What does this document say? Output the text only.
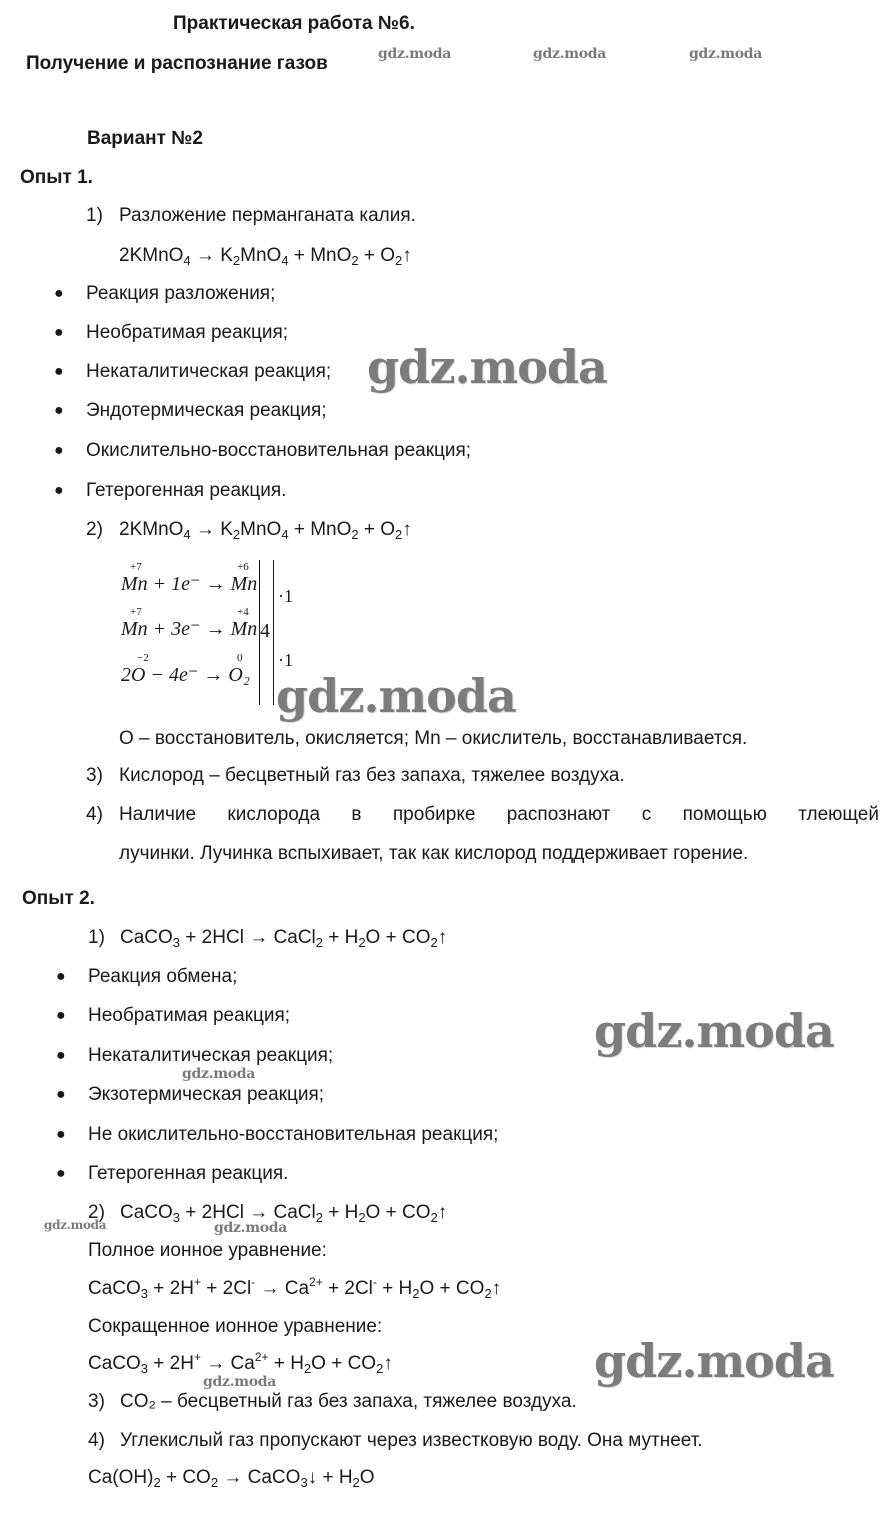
Практическая работа №6.
Получение и распознание газов
Вариант №2
Опыт 1.
1) Разложение перманганата калия.
2KMnO$_4$ → $K_2MnO_4 + MnO_2$ + $O_2↑$
● Реакция разложения;
● Необратимая реакция;
● Некаталитическая реакция;
● Эндотермическая реакция;
● Окислительно-восстановительная реакция;
● Гетерогенная реакция.
2) 2KMnO$_4$ → $K_2MnO_4 + MnO_2$ + $O_2↑$
+7	+6
Mn + 1e⁻ → Mn
+7	+4
Mn + 3e⁻ → Mn
−2	0
2O − 4e⁻ → O₂
4
·1
·1
O – восстановитель, окисляется; Mn – окислитель, восстанавливается.
3) Кислород – бесцветный газ без запаха, тяжелее воздуха.
4) Наличие кислорода в пробирке распознают с помощью тлеющей
лучинки. Лучинка вспыхивает, так как кислород поддерживает горение.
Опыт 2.
1) CaCO$_3$ + 2HCl → CaCl$_2$ + $H_2O$ + $CO_2↑$
● Реакция обмена;
● Необратимая реакция;
● Некаталитическая реакция;
● Экзотермическая реакция;
● Не окислительно-восстановительная реакция;
● Гетерогенная реакция.
2) CaCO$_3$ + 2HCl → CaCl$_2$ + $H_2O$ + $CO_2↑$
Полное ионное уравнение:
CaCO$_3$ + $2H^+ + 2Cl^- \to Ca^{2+} + 2Cl^- + H_2O$ + $CO_2↑$
Сокращенное ионное уравнение:
CaCO$_3$ + $2H^+ \to Ca^{2+} + H_2O$ + $CO_2↑$
3) CO₂ – бесцветный газ без запаха, тяжелее воздуха.
4) Углекислый газ пропускают через известковую воду. Она мутнеет.
$Ca(OH)_2 + CO_2$ → CaCO$_3$↓ + $H_2O$
gdz.moda	gdz.moda	gdz.moda
gdz.moda
gdz.moda
gdz.moda
gdz.moda
gdz.moda	gdz.moda
gdz.moda
gdz.moda
